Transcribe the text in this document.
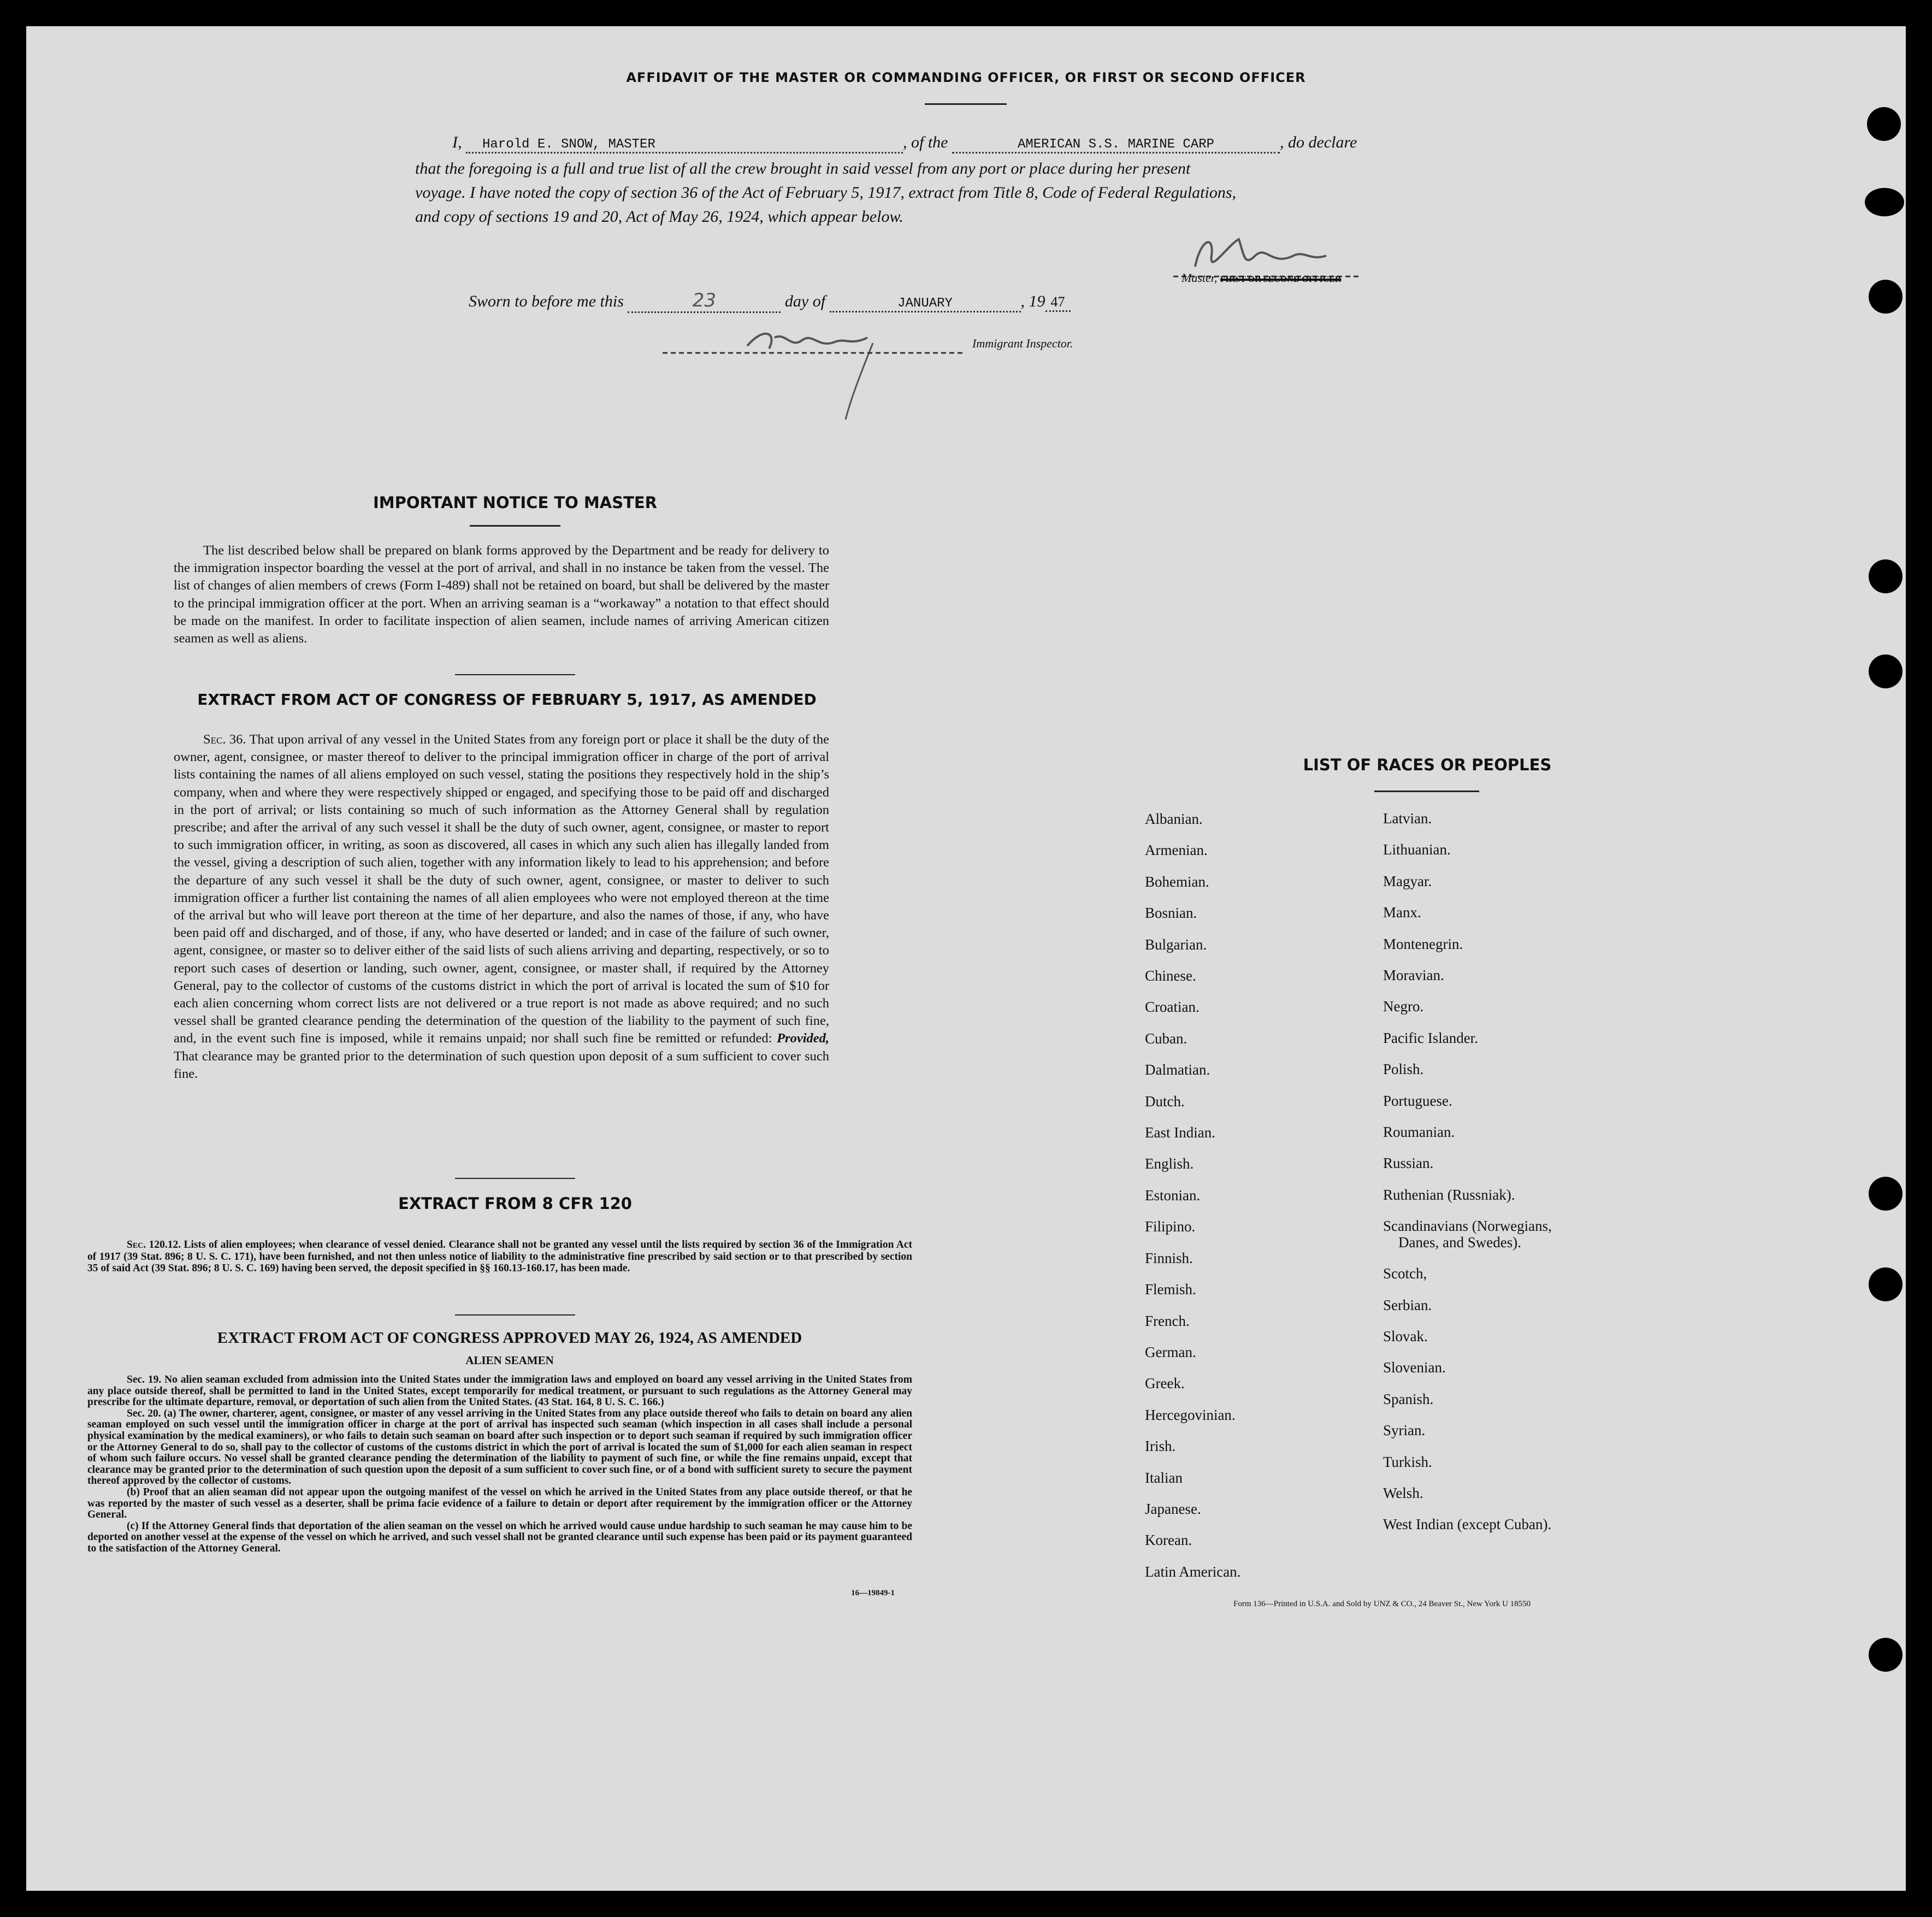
AFFIDAVIT OF THE MASTER OR COMMANDING OFFICER, OR FIRST OR SECOND OFFICER
I, Harold E. SNOW, MASTER	, of the	AMERICAN S.S. MARINE CARP	, do declare
that the foregoing is a full and true list of all the crew brought in said vessel from any port or place during her present
voyage. I have noted the copy of section 36 of the Act of February 5, 1917, extract from Title 8, Code of Federal Regulations,
and copy of sections 19 and 20, Act of May 26, 1924, which appear below.
Master, FIRST OR SECOND OFFICER
Sworn to before me this	23	day of	JANUARY	, 19 47
Immigrant Inspector.
IMPORTANT NOTICE TO MASTER
The list described below shall be prepared on blank forms approved by the Department and be ready for delivery to the immigration inspector boarding the vessel at the port of arrival, and shall in no instance be taken from the vessel. The list of changes of alien members of crews (Form I-489) shall not be retained on board, but shall be delivered by the master to the principal immigration officer at the port. When an arriving seaman is a “workaway” a notation to that effect should be made on the manifest. In order to facilitate inspection of alien seamen, include names of arriving American citizen seamen as well as aliens.
EXTRACT FROM ACT OF CONGRESS OF FEBRUARY 5, 1917, AS AMENDED
Sec. 36. That upon arrival of any vessel in the United States from any foreign port or place it shall be the duty of the owner, agent, consignee, or master thereof to deliver to the principal immigration officer in charge of the port of arrival lists containing the names of all aliens employed on such vessel, stating the positions they respectively hold in the ship’s company, when and where they were respectively shipped or engaged, and specifying those to be paid off and discharged in the port of arrival; or lists containing so much of such information as the Attorney General shall by regulation prescribe; and after the arrival of any such vessel it shall be the duty of such owner, agent, consignee, or master to report to such immigration officer, in writing, as soon as discovered, all cases in which any such alien has illegally landed from the vessel, giving a description of such alien, together with any information likely to lead to his apprehension; and before the departure of any such vessel it shall be the duty of such owner, agent, consignee, or master to deliver to such immigration officer a further list containing the names of all alien employees who were not employed thereon at the time of the arrival but who will leave port thereon at the time of her departure, and also the names of those, if any, who have been paid off and discharged, and of those, if any, who have deserted or landed; and in case of the failure of such owner, agent, consignee, or master so to deliver either of the said lists of such aliens arriving and departing, respectively, or so to report such cases of desertion or landing, such owner, agent, consignee, or master shall, if required by the Attorney General, pay to the collector of customs of the customs district in which the port of arrival is located the sum of $10 for each alien concerning whom correct lists are not delivered or a true report is not made as above required; and no such vessel shall be granted clearance pending the determination of the question of the liability to the payment of such fine, and, in the event such fine is imposed, while it remains unpaid; nor shall such fine be remitted or refunded: Provided, That clearance may be granted prior to the determination of such question upon deposit of a sum sufficient to cover such fine.
EXTRACT FROM 8 CFR 120
Sec. 120.12. Lists of alien employees; when clearance of vessel denied. Clearance shall not be granted any vessel until the lists required by section 36 of the Immigration Act of 1917 (39 Stat. 896; 8 U. S. C. 171), have been furnished, and not then unless notice of liability to the administrative fine prescribed by said section or to that prescribed by section 35 of said Act (39 Stat. 896; 8 U. S. C. 169) having been served, the deposit specified in §§ 160.13-160.17, has been made.
EXTRACT FROM ACT OF CONGRESS APPROVED MAY 26, 1924, AS AMENDED
ALIEN SEAMEN
Sec. 19. No alien seaman excluded from admission into the United States under the immigration laws and employed on board any vessel arriving in the United States from any place outside thereof, shall be permitted to land in the United States, except temporarily for medical treatment, or pursuant to such regulations as the Attorney General may prescribe for the ultimate departure, removal, or deportation of such alien from the United States. (43 Stat. 164, 8 U. S. C. 166.)
Sec. 20. (a) The owner, charterer, agent, consignee, or master of any vessel arriving in the United States from any place outside thereof who fails to detain on board any alien seaman employed on such vessel until the immigration officer in charge at the port of arrival has inspected such seaman (which inspection in all cases shall include a personal physical examination by the medical examiners), or who fails to detain such seaman on board after such inspection or to deport such seaman if required by such immigration officer or the Attorney General to do so, shall pay to the collector of customs of the customs district in which the port of arrival is located the sum of $1,000 for each alien seaman in respect of whom such failure occurs. No vessel shall be granted clearance pending the determination of the liability to payment of such fine, or while the fine remains unpaid, except that clearance may be granted prior to the determination of such question upon the deposit of a sum sufficient to cover such fine, or of a bond with sufficient surety to secure the payment thereof approved by the collector of customs.
(b) Proof that an alien seaman did not appear upon the outgoing manifest of the vessel on which he arrived in the United States from any place outside thereof, or that he was reported by the master of such vessel as a deserter, shall be prima facie evidence of a failure to detain or deport after requirement by the immigration officer or the Attorney General.
(c) If the Attorney General finds that deportation of the alien seaman on the vessel on which he arrived would cause undue hardship to such seaman he may cause him to be deported on another vessel at the expense of the vessel on which he arrived, and such vessel shall not be granted clearance until such expense has been paid or its payment guaranteed to the satisfaction of the Attorney General.
16—19849-1
LIST OF RACES OR PEOPLES
Albanian.
Armenian.
Bohemian.
Bosnian.
Bulgarian.
Chinese.
Croatian.
Cuban.
Dalmatian.
Dutch.
East Indian.
English.
Estonian.
Filipino.
Finnish.
Flemish.
French.
German.
Greek.
Hercegovinian.
Irish.
Italian
Japanese.
Korean.
Latin American.
Latvian.
Lithuanian.
Magyar.
Manx.
Montenegrin.
Moravian.
Negro.
Pacific Islander.
Polish.
Portuguese.
Roumanian.
Russian.
Ruthenian (Russniak).
Scandinavians (Norwegians,
Danes, and Swedes).
Scotch,
Serbian.
Slovak.
Slovenian.
Spanish.
Syrian.
Turkish.
Welsh.
West Indian (except Cuban).
Form 136—Printed in U.S.A. and Sold by UNZ & CO., 24 Beaver St., New York U 18550
